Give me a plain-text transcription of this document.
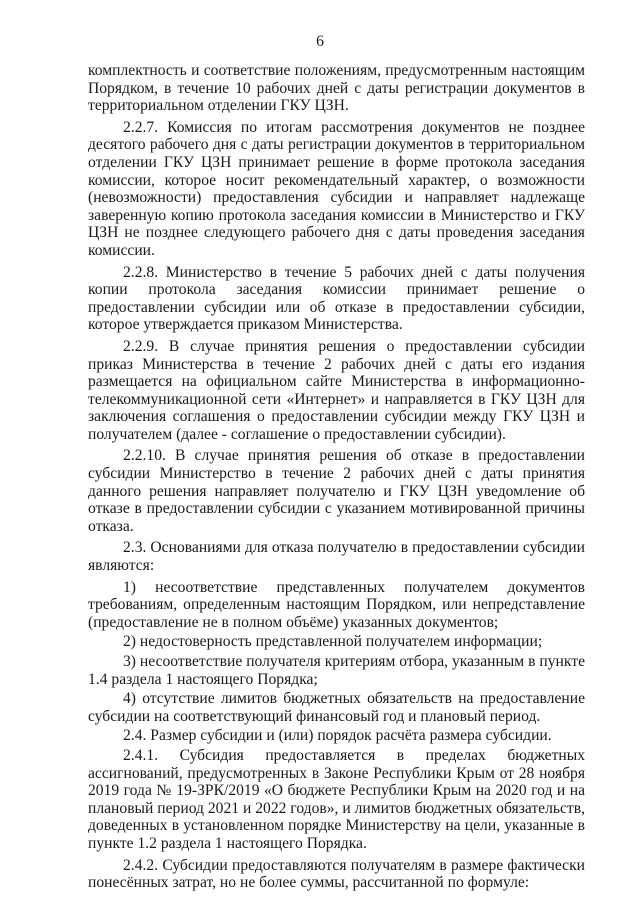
6

комплектность и соответствие положениям, предусмотренным настоящим Порядком, в течение 10 рабочих дней с даты регистрации документов в территориальном отделении ГКУ ЦЗН.

2.2.7. Комиссия по итогам рассмотрения документов не позднее десятого рабочего дня с даты регистрации документов в территориальном отделении ГКУ ЦЗН принимает решение в форме протокола заседания комиссии, которое носит рекомендательный характер, о возможности (невозможности) предоставления субсидии и направляет надлежаще заверенную копию протокола заседания комиссии в Министерство и ГКУ ЦЗН не позднее следующего рабочего дня с даты проведения заседания комиссии.

2.2.8. Министерство в течение 5 рабочих дней с даты получения копии протокола заседания комиссии принимает решение о предоставлении субсидии или об отказе в предоставлении субсидии, которое утверждается приказом Министерства.

2.2.9. В случае принятия решения о предоставлении субсидии приказ Министерства в течение 2 рабочих дней с даты его издания размещается на официальном сайте Министерства в информационно-телекоммуникационной сети «Интернет» и направляется в ГКУ ЦЗН для заключения соглашения о предоставлении субсидии между ГКУ ЦЗН и получателем (далее - соглашение о предоставлении субсидии).

2.2.10. В случае принятия решения об отказе в предоставлении субсидии Министерство в течение 2 рабочих дней с даты принятия данного решения направляет получателю и ГКУ ЦЗН уведомление об отказе в предоставлении субсидии с указанием мотивированной причины отказа.

2.3. Основаниями для отказа получателю в предоставлении субсидии являются:

1) несоответствие представленных получателем документов требованиям, определенным настоящим Порядком, или непредставление (предоставление не в полном объёме) указанных документов;

2) недостоверность представленной получателем информации;

3) несоответствие получателя критериям отбора, указанным в пункте 1.4 раздела 1 настоящего Порядка;

4) отсутствие лимитов бюджетных обязательств на предоставление субсидии на соответствующий финансовый год и плановый период.

2.4. Размер субсидии и (или) порядок расчёта размера субсидии.

2.4.1. Субсидия предоставляется в пределах бюджетных ассигнований, предусмотренных в Законе Республики Крым от 28 ноября 2019 года № 19-ЗРК/2019 «О бюджете Республики Крым на 2020 год и на плановый период 2021 и 2022 годов», и лимитов бюджетных обязательств, доведенных в установленном порядке Министерству на цели, указанные в пункте 1.2 раздела 1 настоящего Порядка.

2.4.2. Субсидии предоставляются получателям в размере фактически понесённых затрат, но не более суммы, рассчитанной по формуле:
